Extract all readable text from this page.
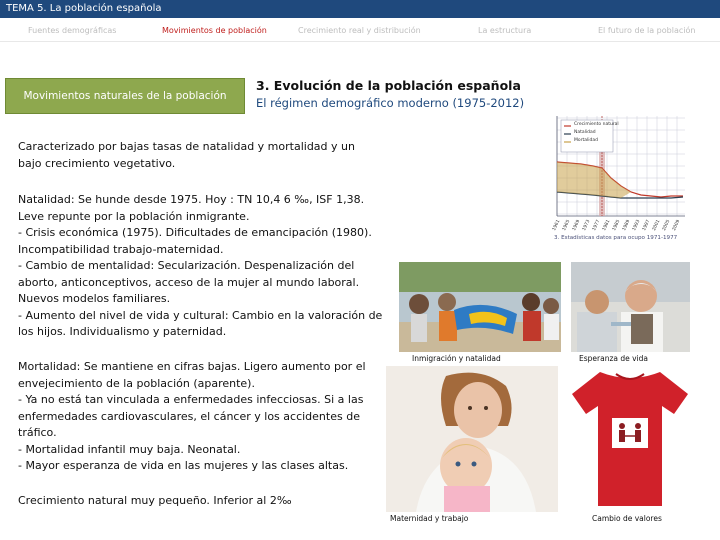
TEMA 5. La población española
Fuentes demográficas	Movimientos de población	Crecimiento real y distribución	La estructura	El futuro de la población
Movimientos naturales de la población
3. Evolución de la población española
El régimen demográfico moderno (1975-2012)
Caracterizado por bajas tasas de natalidad y mortalidad y un bajo crecimiento vegetativo.
Natalidad: Se hunde desde 1975. Hoy : TN 10,4 6 ‰, ISF 1,38.
Leve repunte por la población inmigrante.
- Crisis económica (1975). Dificultades de emancipación (1980). Incompatibilidad trabajo-maternidad.
- Cambio de mentalidad: Secularización. Despenalización del aborto, anticonceptivos, acceso de la mujer al mundo laboral. Nuevos modelos familiares.
- Aumento del nivel de vida y cultural: Cambio en la valoración de los hijos. Individualismo y paternidad.
Mortalidad: Se mantiene en cifras bajas. Ligero aumento por el envejecimiento de la población (aparente).
- Ya no está tan vinculada a enfermedades infecciosas. Si a las enfermedades cardiovasculares, el cáncer y los accidentes de tráfico.
- Mortalidad infantil muy baja. Neonatal.
- Mayor esperanza de vida en las mujeres y las clases altas.
Crecimiento natural muy pequeño. Inferior al 2‰
Crecimiento natural
Natalidad
Mortalidad
1961 1965 1969 1973 1977 1981 1985 1989 1993 1997 2001 2005 2009
3. Estadísticas datos para ocupo 1971-1977
Inmigración y natalidad	Esperanza de vida
Maternidad y trabajo	Cambio de valores
